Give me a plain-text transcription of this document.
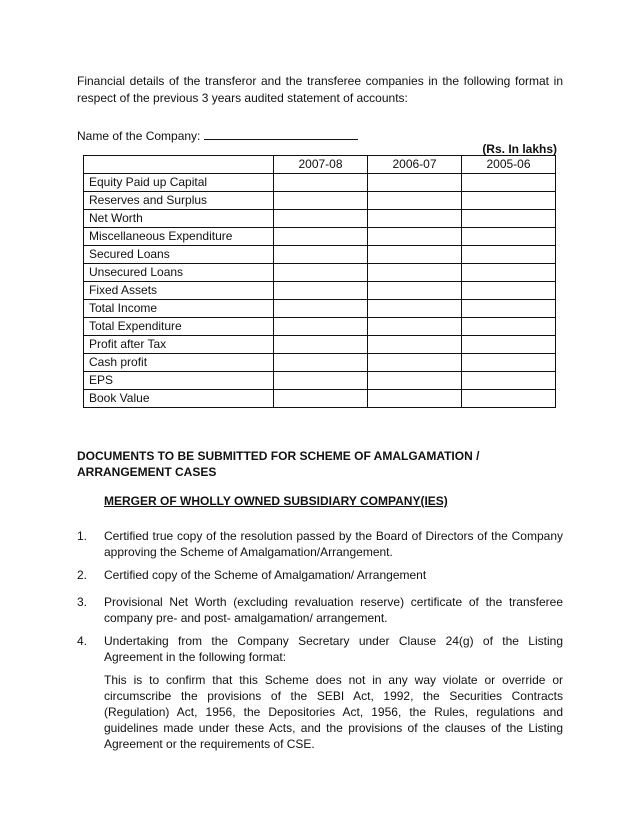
Financial details of the transferor and the transferee companies in the following format in respect of the previous 3 years audited statement of accounts:

Name of the Company:
(Rs. In lakhs)
	2007-08	2006-07	2005-06
Equity Paid up Capital			
Reserves and Surplus			
Net Worth			
Miscellaneous Expenditure			
Secured Loans			
Unsecured Loans			
Fixed Assets			
Total Income			
Total Expenditure			
Profit after Tax			
Cash profit			
EPS			
Book Value			

DOCUMENTS TO BE SUBMITTED FOR SCHEME OF AMALGAMATION / ARRANGEMENT CASES

MERGER OF WHOLLY OWNED SUBSIDIARY COMPANY(IES)
1. Certified true copy of the resolution passed by the Board of Directors of the Company approving the Scheme of Amalgamation/Arrangement.
2. Certified copy of the Scheme of Amalgamation/ Arrangement
3. Provisional Net Worth (excluding revaluation reserve) certificate of the transferee company pre- and post- amalgamation/ arrangement.
4. Undertaking from the Company Secretary under Clause 24(g) of the Listing Agreement in the following format:
This is to confirm that this Scheme does not in any way violate or override or circumscribe the provisions of the SEBI Act, 1992, the Securities Contracts (Regulation) Act, 1956, the Depositories Act, 1956, the Rules, regulations and guidelines made under these Acts, and the provisions of the clauses of the Listing Agreement or the requirements of CSE.
